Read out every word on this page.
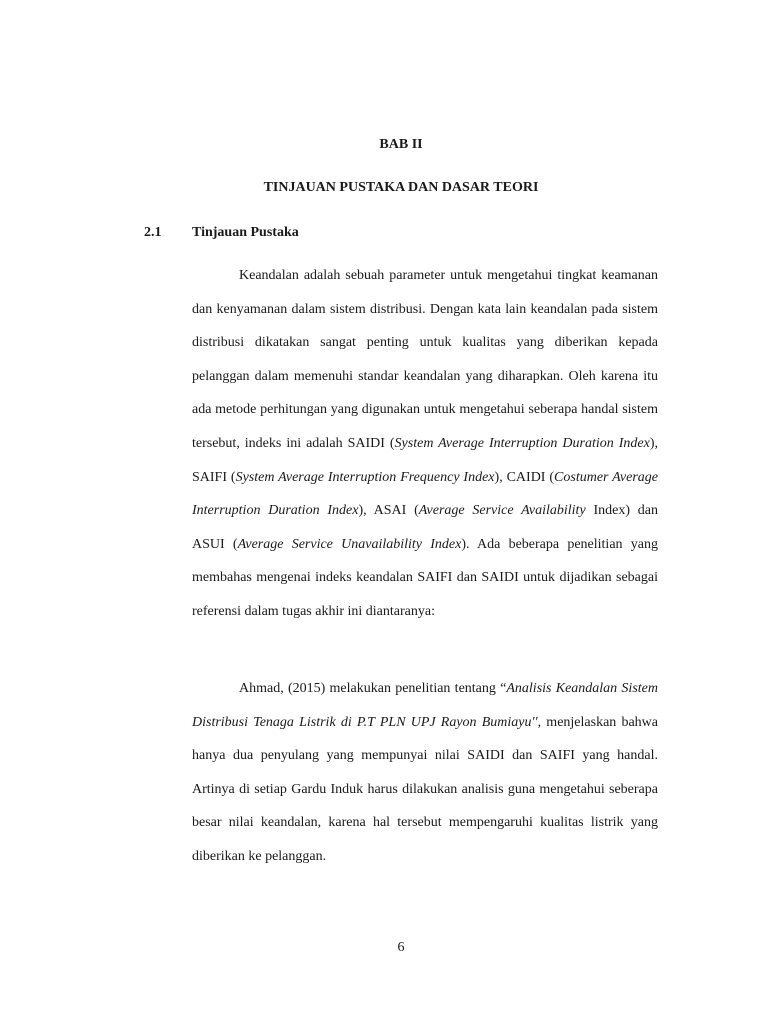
BAB II

TINJAUAN PUSTAKA DAN DASAR TEORI

2.1 Tinjauan Pustaka

Keandalan adalah sebuah parameter untuk mengetahui tingkat keamanan dan kenyamanan dalam sistem distribusi. Dengan kata lain keandalan pada sistem distribusi dikatakan sangat penting untuk kualitas yang diberikan kepada pelanggan dalam memenuhi standar keandalan yang diharapkan. Oleh karena itu ada metode perhitungan yang digunakan untuk mengetahui seberapa handal sistem tersebut, indeks ini adalah SAIDI (System Average Interruption Duration Index), SAIFI (System Average Interruption Frequency Index), CAIDI (Costumer Average Interruption Duration Index), ASAI (Average Service Availability Index) dan ASUI (Average Service Unavailability Index). Ada beberapa penelitian yang membahas mengenai indeks keandalan SAIFI dan SAIDI untuk dijadikan sebagai referensi dalam tugas akhir ini diantaranya:

Ahmad, (2015) melakukan penelitian tentang “Analisis Keandalan Sistem Distribusi Tenaga Listrik di P.T PLN UPJ Rayon Bumiayu′′, menjelaskan bahwa hanya dua penyulang yang mempunyai nilai SAIDI dan SAIFI yang handal. Artinya di setiap Gardu Induk harus dilakukan analisis guna mengetahui seberapa besar nilai keandalan, karena hal tersebut mempengaruhi kualitas listrik yang diberikan ke pelanggan.

6
